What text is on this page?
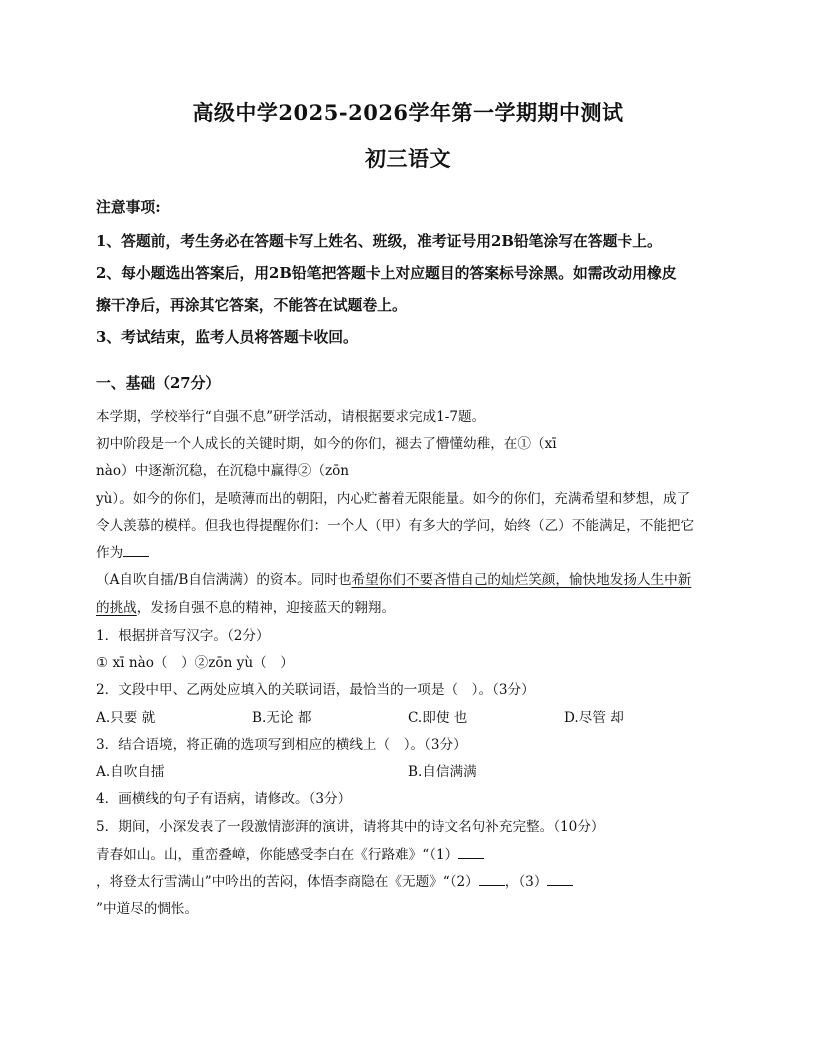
高级中学2025-2026学年第一学期期中测试
初三语文
注意事项:
1、答题前，考生务必在答题卡写上姓名、班级，准考证号用2B铅笔涂写在答题卡上。
2、每小题选出答案后，用2B铅笔把答题卡上对应题目的答案标号涂黑。如需改动用橡皮
擦干净后，再涂其它答案，不能答在试题卷上。
3、考试结束，监考人员将答题卡收回。
一、基础（27分）
本学期，学校举行“自强不息”研学活动，请根据要求完成1-7题。
初中阶段是一个人成长的关键时期，如今的你们，褪去了懵懂幼稚，在①（xī
nào）中逐渐沉稳，在沉稳中赢得②（zōn
yù）。如今的你们，是喷薄而出的朝阳，内心贮蓄着无限能量。如今的你们，充满希望和梦想，成了
令人羡慕的模样。但我也得提醒你们：一个人（甲）有多大的学问，始终（乙）不能满足，不能把它
作为
（A自吹自擂/B自信满满）的资本。同时也希望你们不要吝惜自己的灿烂笑颜，愉快地发扬人生中新
的挑战，发扬自强不息的精神，迎接蓝天的翱翔。
1．根据拼音写汉字。（2分）
① xī nào（　）②zōn yù（　）
2．文段中甲、乙两处应填入的关联词语，最恰当的一项是（　）。（3分）
A.只要 就	B.无论 都	C.即使 也	D.尽管 却
3．结合语境，将正确的选项写到相应的横线上（　）。（3分）
A.自吹自擂	B.自信满满
4．画横线的句子有语病，请修改。（3分）
5．期间，小深发表了一段激情澎湃的演讲，请将其中的诗文名句补充完整。（10分）
青春如山。山，重峦叠嶂，你能感受李白在《行路难》“（1）
，将登太行雪满山”中吟出的苦闷，体悟李商隐在《无题》“（2） ，（3）
”中道尽的惆怅。
